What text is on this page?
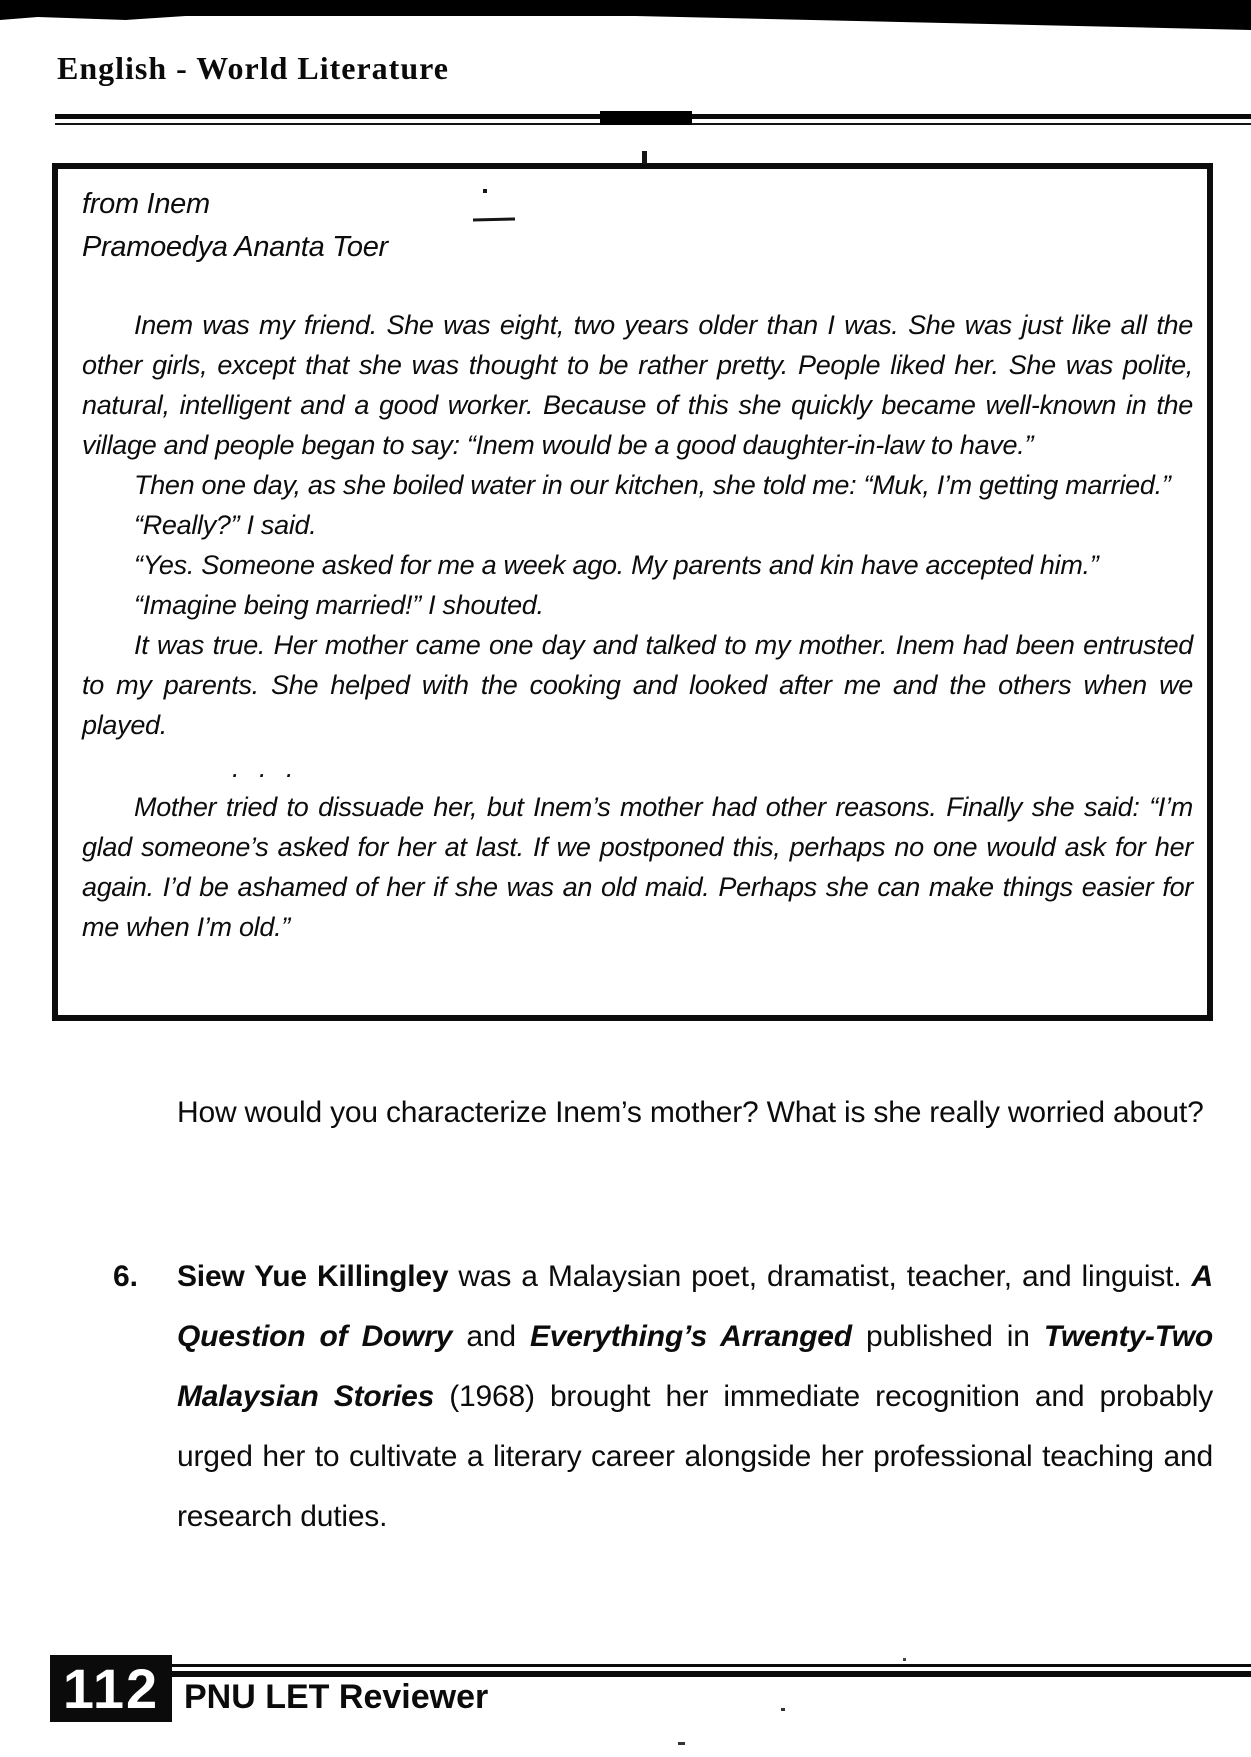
English - World Literature
from Inem
Pramoedya Ananta Toer

Inem was my friend. She was eight, two years older than I was. She was just like all the other girls, except that she was thought to be rather pretty. People liked her. She was polite, natural, intelligent and a good worker. Because of this she quickly became well-known in the village and people began to say: “Inem would be a good daughter-in-law to have.”

Then one day, as she boiled water in our kitchen, she told me: “Muk, I’m getting married.”

“Really?” I said.

“Yes. Someone asked for me a week ago. My parents and kin have accepted him.”

“Imagine being married!” I shouted.

It was true. Her mother came one day and talked to my mother. Inem had been entrusted to my parents. She helped with the cooking and looked after me and the others when we played.

. . .

Mother tried to dissuade her, but Inem’s mother had other reasons. Finally she said: “I’m glad someone’s asked for her at last. If we postponed this, perhaps no one would ask for her again. I’d be ashamed of her if she was an old maid. Perhaps she can make things easier for me when I’m old.”

How would you characterize Inem’s mother? What is she really worried about?
6.	Siew Yue Killingley was a Malaysian poet, dramatist, teacher, and linguist. A Question of Dowry and Everything’s Arranged published in Twenty-Two Malaysian Stories (1968) brought her immediate recognition and probably urged her to cultivate a literary career alongside her professional teaching and research duties.
112 PNU LET Reviewer
